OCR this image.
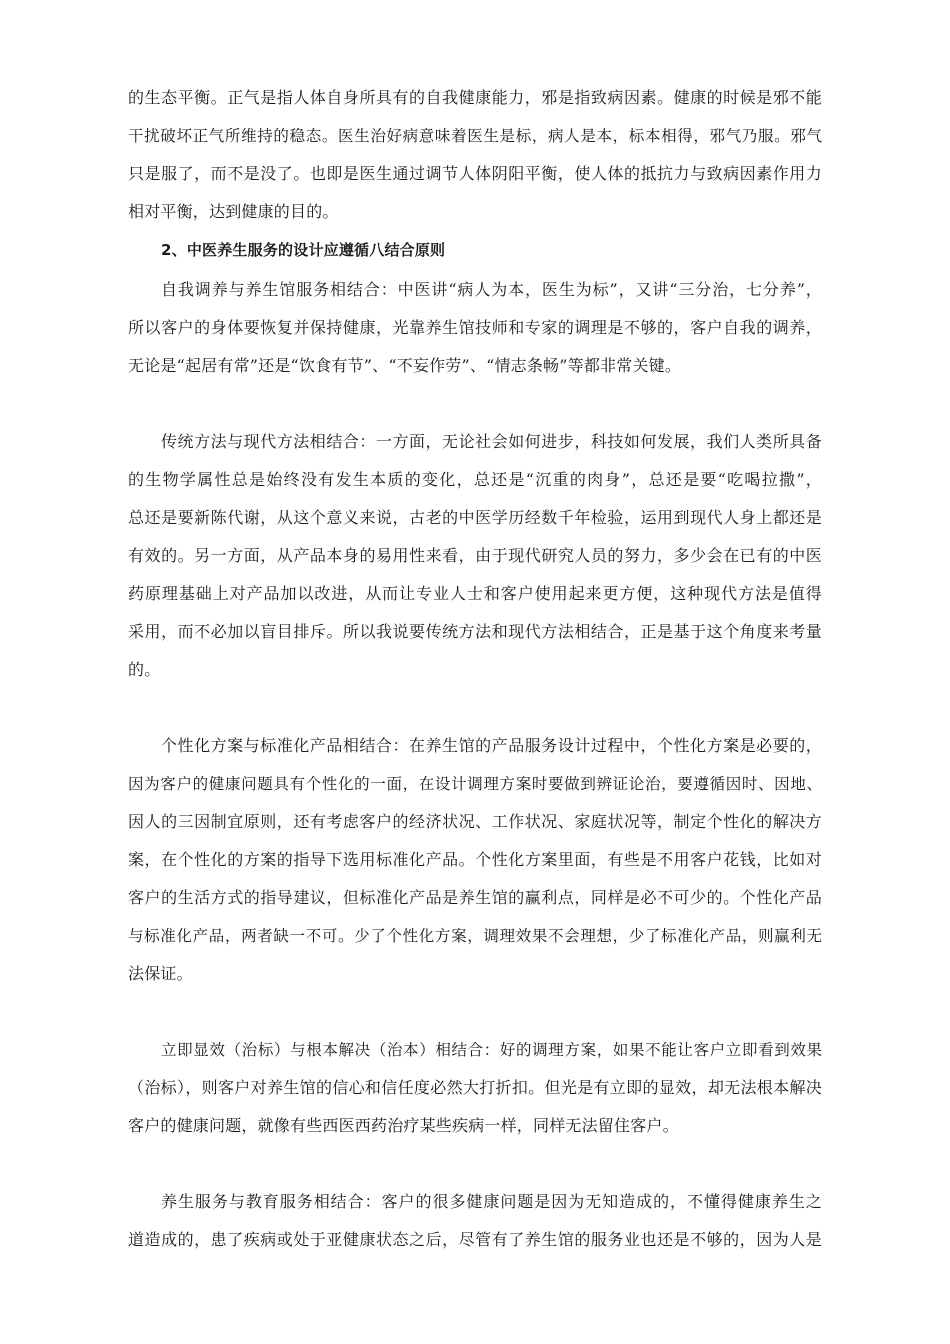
的生态平衡。正气是指人体自身所具有的自我健康能力，邪是指致病因素。健康的时候是邪不能
干扰破坏正气所维持的稳态。医生治好病意味着医生是标，病人是本，标本相得，邪气乃服。邪气
只是服了，而不是没了。也即是医生通过调节人体阴阳平衡，使人体的抵抗力与致病因素作用力
相对平衡，达到健康的目的。
2、中医养生服务的设计应遵循八结合原则
自我调养与养生馆服务相结合：中医讲“病人为本，医生为标”，又讲“三分治，七分养”，
所以客户的身体要恢复并保持健康，光靠养生馆技师和专家的调理是不够的，客户自我的调养，
无论是“起居有常”还是“饮食有节”、“不妄作劳”、“情志条畅”等都非常关键。
传统方法与现代方法相结合：一方面，无论社会如何进步，科技如何发展，我们人类所具备
的生物学属性总是始终没有发生本质的变化，总还是“沉重的肉身”，总还是要“吃喝拉撒”，
总还是要新陈代谢，从这个意义来说，古老的中医学历经数千年检验，运用到现代人身上都还是
有效的。另一方面，从产品本身的易用性来看，由于现代研究人员的努力，多少会在已有的中医
药原理基础上对产品加以改进，从而让专业人士和客户使用起来更方便，这种现代方法是值得
采用，而不必加以盲目排斥。所以我说要传统方法和现代方法相结合，正是基于这个角度来考量
的。
个性化方案与标准化产品相结合：在养生馆的产品服务设计过程中，个性化方案是必要的，
因为客户的健康问题具有个性化的一面，在设计调理方案时要做到辨证论治，要遵循因时、因地、
因人的三因制宜原则，还有考虑客户的经济状况、工作状况、家庭状况等，制定个性化的解决方
案，在个性化的方案的指导下选用标准化产品。个性化方案里面，有些是不用客户花钱，比如对
客户的生活方式的指导建议，但标准化产品是养生馆的赢利点，同样是必不可少的。个性化产品
与标准化产品，两者缺一不可。少了个性化方案，调理效果不会理想，少了标准化产品，则赢利无
法保证。
立即显效（治标）与根本解决（治本）相结合：好的调理方案，如果不能让客户立即看到效果
（治标），则客户对养生馆的信心和信任度必然大打折扣。但光是有立即的显效，却无法根本解决
客户的健康问题，就像有些西医西药治疗某些疾病一样，同样无法留住客户。
养生服务与教育服务相结合：客户的很多健康问题是因为无知造成的，不懂得健康养生之
道造成的，患了疾病或处于亚健康状态之后，尽管有了养生馆的服务业也还是不够的，因为人是
